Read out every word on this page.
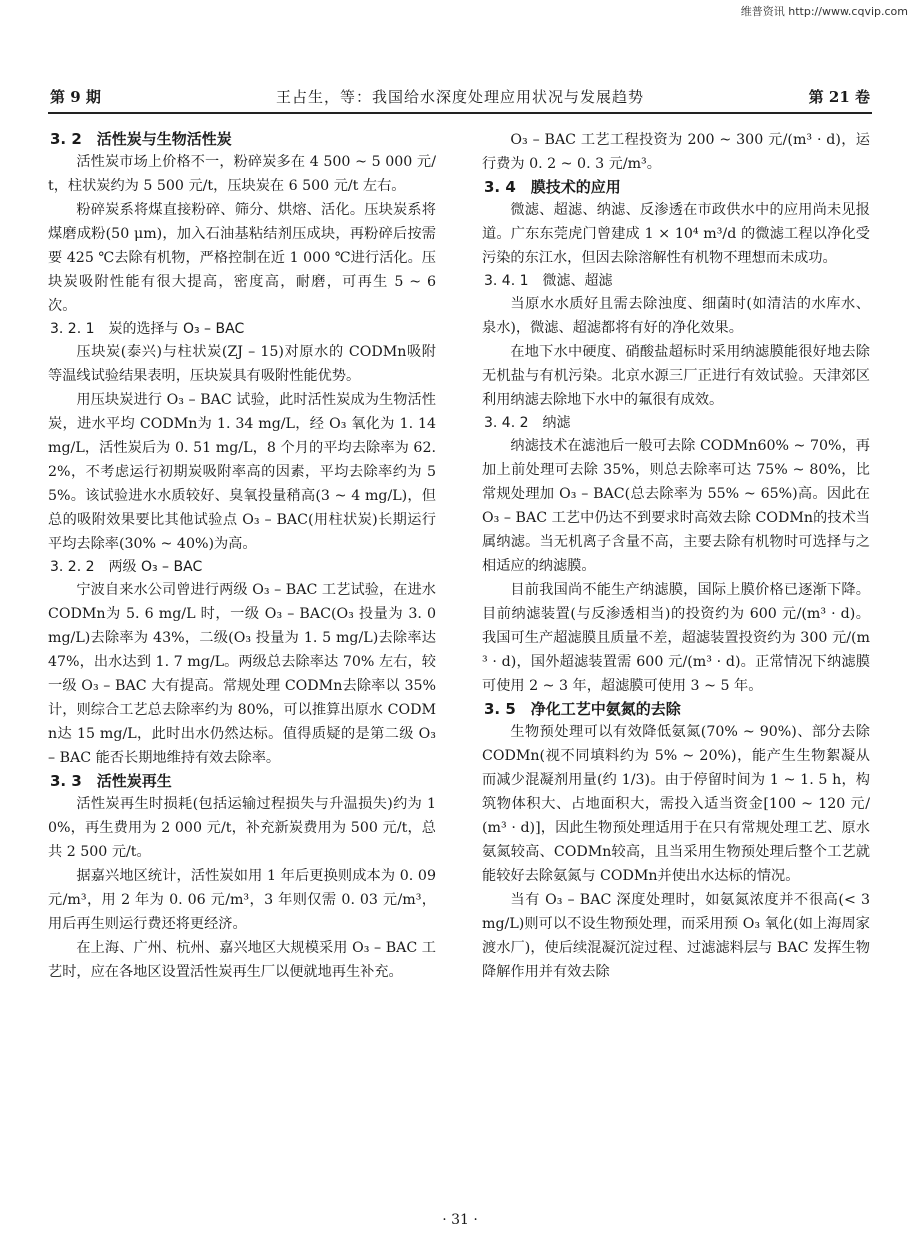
维普资讯 http://www.cqvip.com
王占生，等：我国给水深度处理应用状况与发展趋势
第 9 期	第 21 卷
3. 2　活性炭与生物活性炭
活性炭市场上价格不一，粉碎炭多在 4 500 ~ 5 000 元/t，柱状炭约为 5 500 元/t，压块炭在 6 500 元/t 左右。
粉碎炭系将煤直接粉碎、筛分、烘熔、活化。压块炭系将煤磨成粉(50 μm)，加入石油基粘结剂压成块，再粉碎后按需要 425 ℃去除有机物，严格控制在近 1 000 ℃进行活化。压块炭吸附性能有很大提高，密度高，耐磨，可再生 5 ~ 6 次。
3. 2. 1　炭的选择与 O₃ – BAC
压块炭(泰兴)与柱状炭(ZJ – 15)对原水的 CODMn吸附等温线试验结果表明，压块炭具有吸附性能优势。
用压块炭进行 O₃ – BAC 试验，此时活性炭成为生物活性炭，进水平均 CODMn为 1. 34 mg/L，经 O₃ 氧化为 1. 14 mg/L，活性炭后为 0. 51 mg/L，8 个月的平均去除率为 62. 2%，不考虑运行初期炭吸附率高的因素，平均去除率约为 55%。该试验进水水质较好、臭氧投量稍高(3 ~ 4 mg/L)，但总的吸附效果要比其他试验点 O₃ – BAC(用柱状炭)长期运行平均去除率(30% ~ 40%)为高。
3. 2. 2　两级 O₃ – BAC
宁波自来水公司曾进行两级 O₃ – BAC 工艺试验，在进水 CODMn为 5. 6 mg/L 时，一级 O₃ – BAC(O₃ 投量为 3. 0 mg/L)去除率为 43%，二级(O₃ 投量为 1. 5 mg/L)去除率达 47%，出水达到 1. 7 mg/L。两级总去除率达 70% 左右，较一级 O₃ – BAC 大有提高。常规处理 CODMn去除率以 35% 计，则综合工艺总去除率约为 80%，可以推算出原水 CODMn达 15 mg/L，此时出水仍然达标。值得质疑的是第二级 O₃ – BAC 能否长期地维持有效去除率。
3. 3　活性炭再生
活性炭再生时损耗(包括运输过程损失与升温损失)约为 10%，再生费用为 2 000 元/t，补充新炭费用为 500 元/t，总共 2 500 元/t。
据嘉兴地区统计，活性炭如用 1 年后更换则成本为 0. 09 元/m³，用 2 年为 0. 06 元/m³，3 年则仅需 0. 03 元/m³，用后再生则运行费还将更经济。
在上海、广州、杭州、嘉兴地区大规模采用 O₃ – BAC 工艺时，应在各地区设置活性炭再生厂以便就地再生补充。
O₃ – BAC 工艺工程投资为 200 ~ 300 元/(m³ · d)，运行费为 0. 2 ~ 0. 3 元/m³。
3. 4　膜技术的应用
微滤、超滤、纳滤、反渗透在市政供水中的应用尚未见报道。广东东莞虎门曾建成 1 × 10⁴ m³/d 的微滤工程以净化受污染的东江水，但因去除溶解性有机物不理想而未成功。
3. 4. 1　微滤、超滤
当原水水质好且需去除浊度、细菌时(如清洁的水库水、泉水)，微滤、超滤都将有好的净化效果。
在地下水中硬度、硝酸盐超标时采用纳滤膜能很好地去除无机盐与有机污染。北京水源三厂正进行有效试验。天津郊区利用纳滤去除地下水中的氟很有成效。
3. 4. 2　纳滤
纳滤技术在滤池后一般可去除 CODMn60% ~ 70%，再加上前处理可去除 35%，则总去除率可达 75% ~ 80%，比常规处理加 O₃ – BAC(总去除率为 55% ~ 65%)高。因此在 O₃ – BAC 工艺中仍达不到要求时高效去除 CODMn的技术当属纳滤。当无机离子含量不高，主要去除有机物时可选择与之相适应的纳滤膜。
目前我国尚不能生产纳滤膜，国际上膜价格已逐渐下降。目前纳滤装置(与反渗透相当)的投资约为 600 元/(m³ · d)。我国可生产超滤膜且质量不差，超滤装置投资约为 300 元/(m³ · d)，国外超滤装置需 600 元/(m³ · d)。正常情况下纳滤膜可使用 2 ~ 3 年，超滤膜可使用 3 ~ 5 年。
3. 5　净化工艺中氨氮的去除
生物预处理可以有效降低氨氮(70% ~ 90%)、部分去除 CODMn(视不同填料约为 5% ~ 20%)，能产生生物絮凝从而减少混凝剂用量(约 1/3)。由于停留时间为 1 ~ 1. 5 h，构筑物体积大、占地面积大，需投入适当资金[100 ~ 120 元/(m³ · d)]，因此生物预处理适用于在只有常规处理工艺、原水氨氮较高、CODMn较高，且当采用生物预处理后整个工艺就能较好去除氨氮与 CODMn并使出水达标的情况。
当有 O₃ – BAC 深度处理时，如氨氮浓度并不很高(< 3 mg/L)则可以不设生物预处理，而采用预 O₃ 氧化(如上海周家渡水厂)，使后续混凝沉淀过程、过滤滤料层与 BAC 发挥生物降解作用并有效去除
· 31 ·
